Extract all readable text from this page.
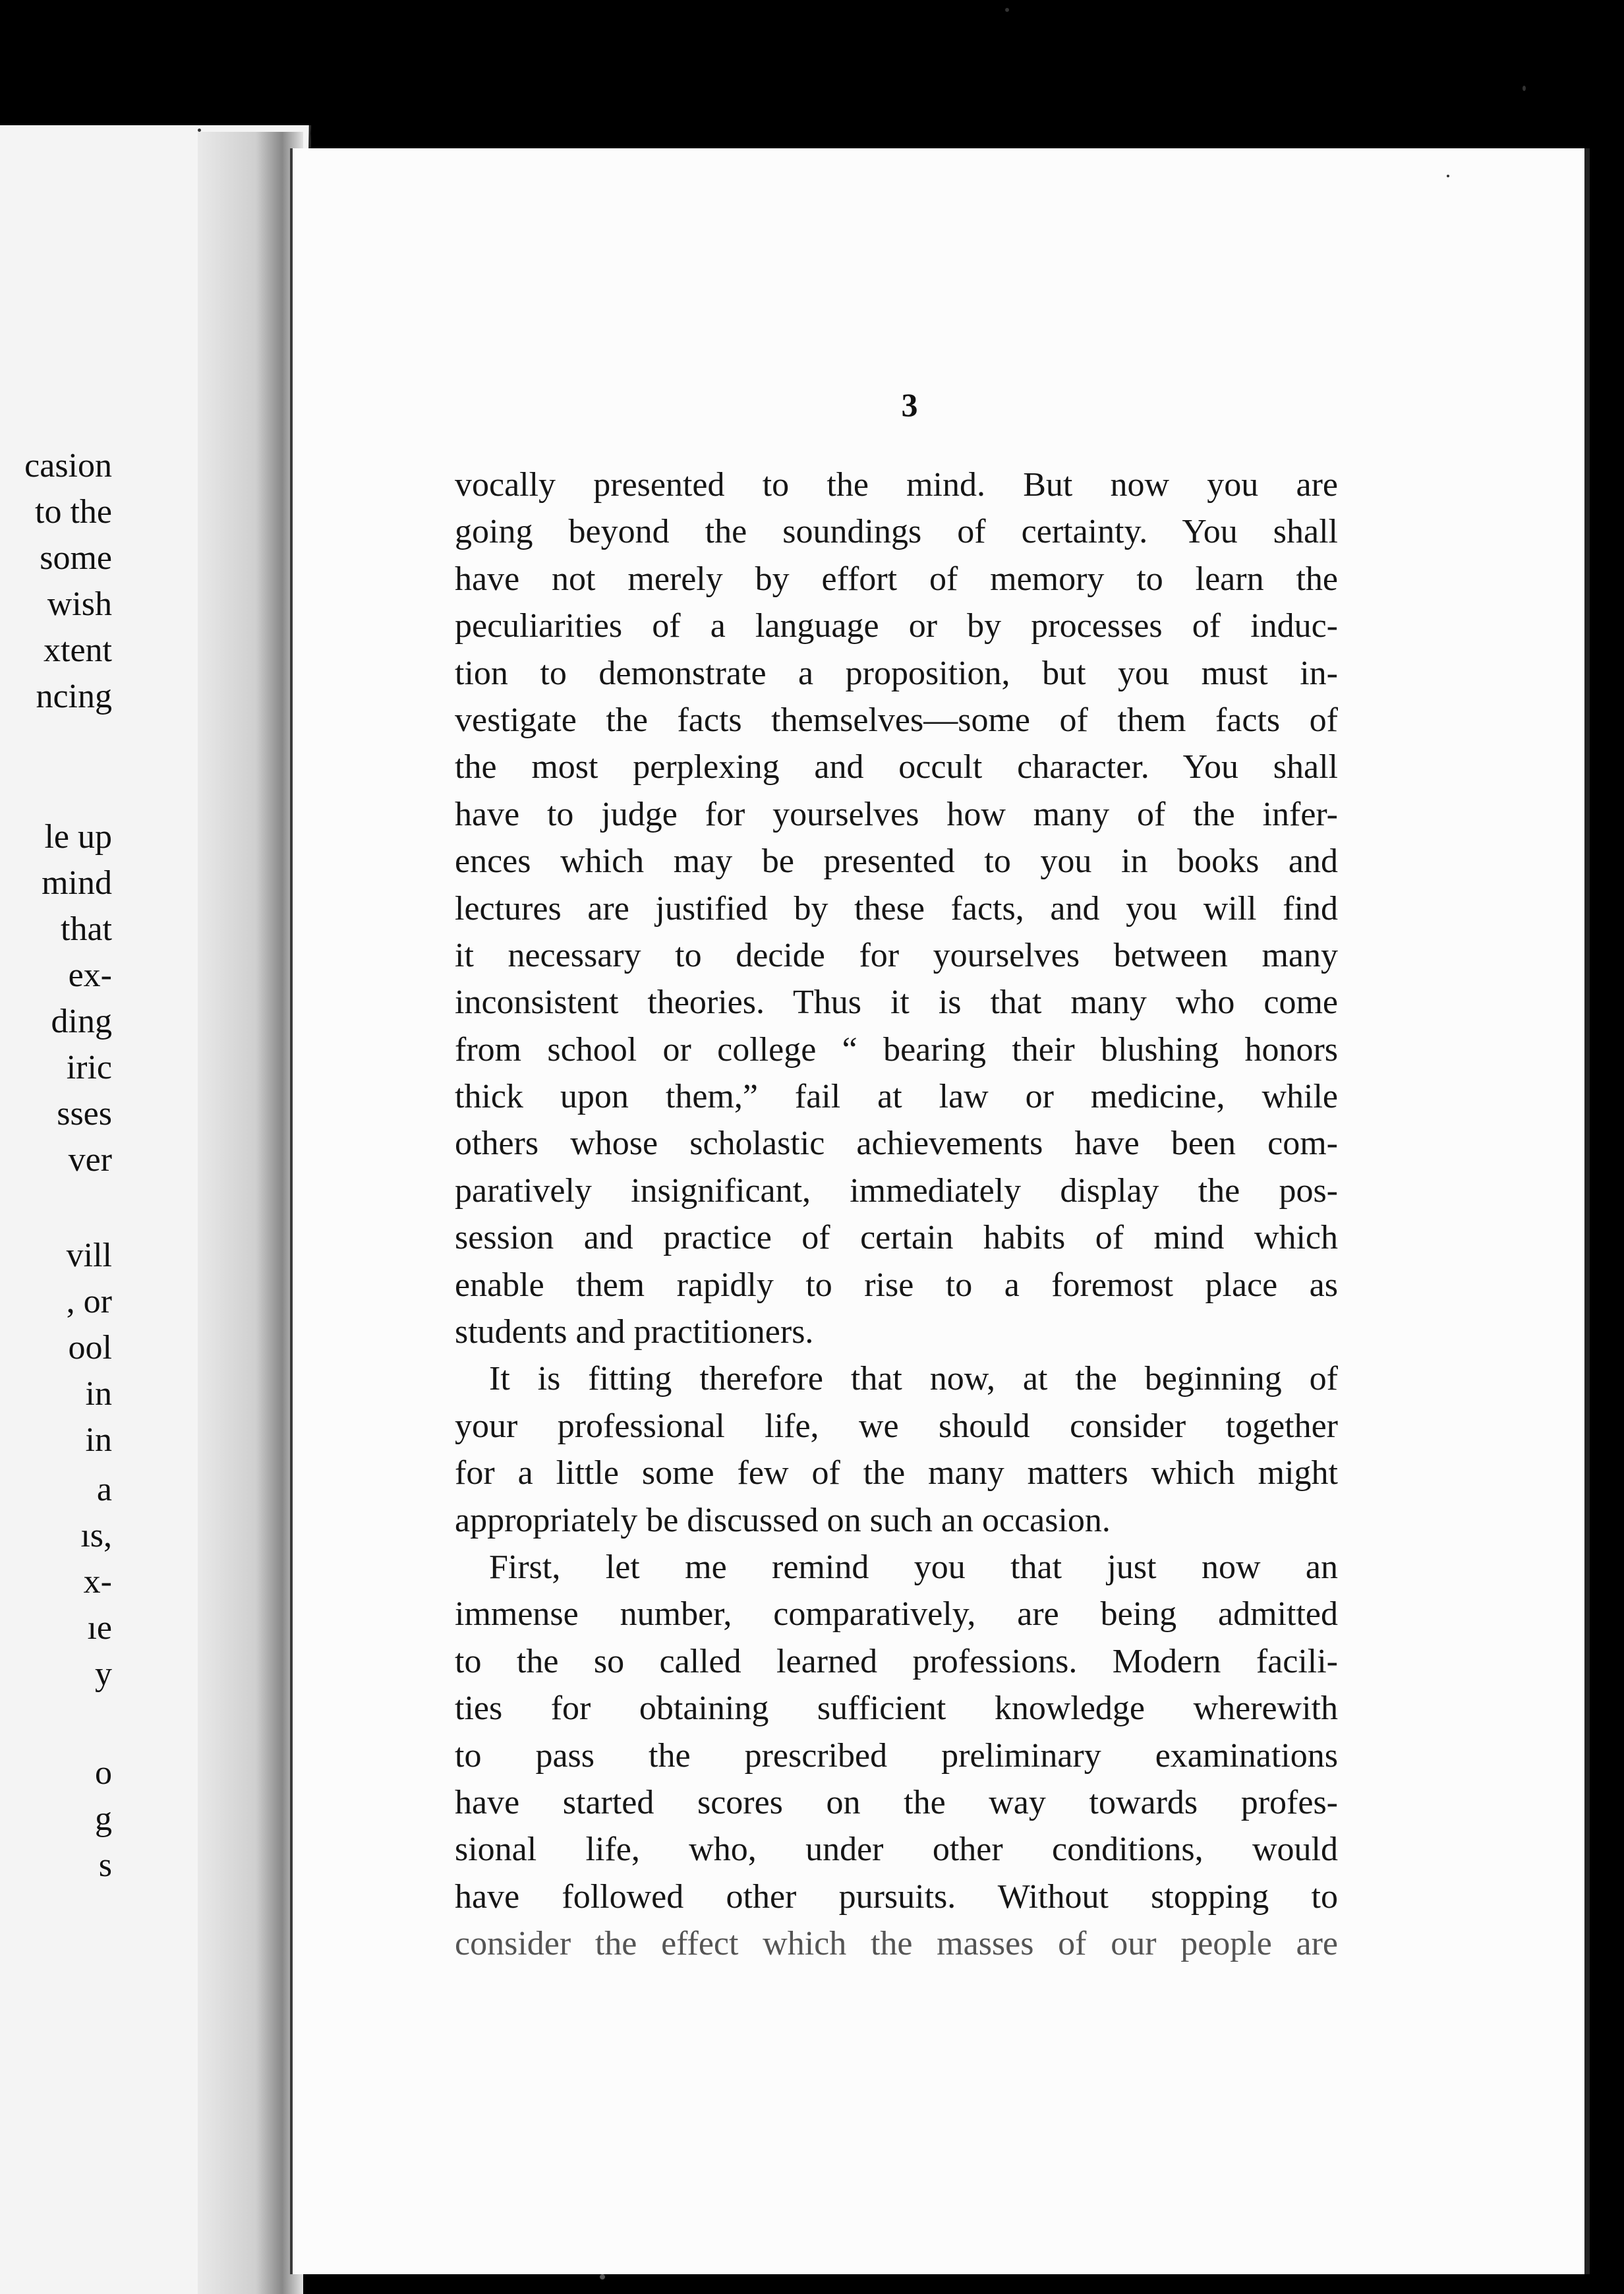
casion
to the
some
wish
xtent
ncing
le up
mind
that
ex-
ding
iric
sses
ver
vill
, or
ool
in
in
a
ıs,
x-
ıe
y
o
g
s
3
vocally presented to the mind. But now you are
going beyond the soundings of certainty. You shall
have not merely by effort of memory to learn the
peculiarities of a language or by processes of induc-
tion to demonstrate a proposition, but you must in-
vestigate the facts themselves—some of them facts of
the most perplexing and occult character. You shall
have to judge for yourselves how many of the infer-
ences which may be presented to you in books and
lectures are justified by these facts, and you will find
it necessary to decide for yourselves between many
inconsistent theories. Thus it is that many who come
from school or college “ bearing their blushing honors
thick upon them,” fail at law or medicine, while
others whose scholastic achievements have been com-
paratively insignificant, immediately display the pos-
session and practice of certain habits of mind which
enable them rapidly to rise to a foremost place as
students and practitioners.
It is fitting therefore that now, at the beginning of
your professional life, we should consider together
for a little some few of the many matters which might
appropriately be discussed on such an occasion.
First, let me remind you that just now an
immense number, comparatively, are being admitted
to the so called learned professions. Modern facili-
ties for obtaining sufficient knowledge wherewith
to pass the prescribed preliminary examinations
have started scores on the way towards profes-
sional life, who, under other conditions, would
have followed other pursuits. Without stopping to
consider the effect which the masses of our people are
